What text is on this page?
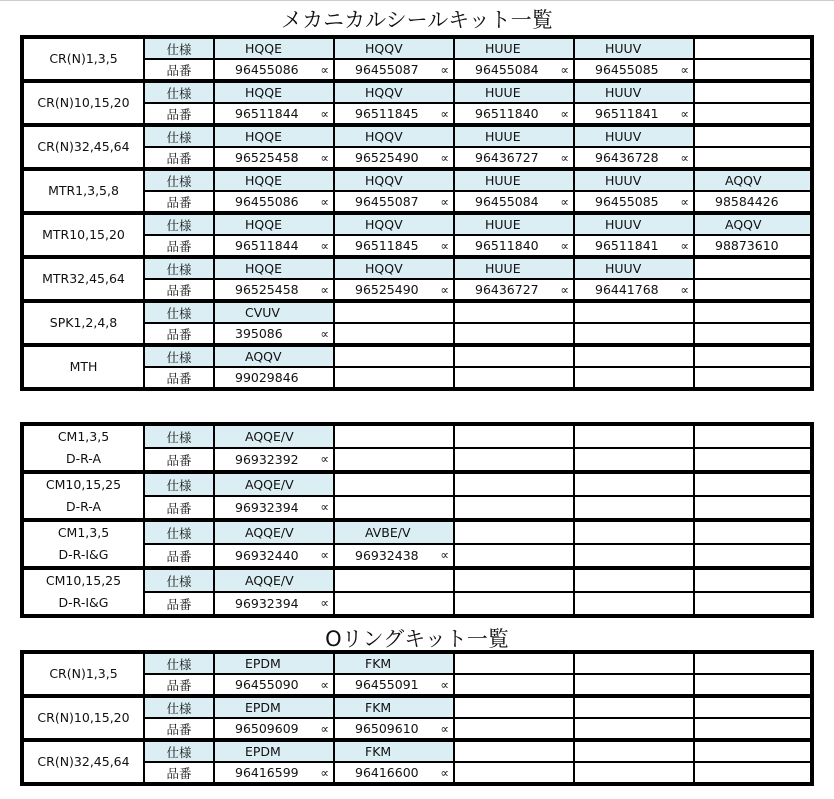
メカニカルシールキット一覧
CR(N)1,3,5	仕様	HQQE	HQQV	HUUE	HUUV	
	品番	96455086 ∝	96455087 ∝	96455084 ∝	96455085 ∝	

CR(N)10,15,20	仕様	HQQE	HQQV	HUUE	HUUV	
	品番	96511844 ∝	96511845 ∝	96511840 ∝	96511841 ∝	

CR(N)32,45,64	仕様	HQQE	HQQV	HUUE	HUUV	
	品番	96525458 ∝	96525490 ∝	96436727 ∝	96436728 ∝	

MTR1,3,5,8	仕様	HQQE	HQQV	HUUE	HUUV	AQQV
	品番	96455086 ∝	96455087 ∝	96455084 ∝	96455085 ∝	98584426

MTR10,15,20	仕様	HQQE	HQQV	HUUE	HUUV	AQQV
	品番	96511844 ∝	96511845 ∝	96511840 ∝	96511841 ∝	98873610

MTR32,45,64	仕様	HQQE	HQQV	HUUE	HUUV	
	品番	96525458 ∝	96525490 ∝	96436727 ∝	96441768 ∝	

SPK1,2,4,8	仕様	CVUV				
	品番	395086 ∝				

MTH	仕様	AQQV				
	品番	99029846				
CM1,3,5
D-R-A	仕様	AQQE/V				
	品番	96932392 ∝				

CM10,15,25
D-R-A	仕様	AQQE/V				
	品番	96932394 ∝				

CM1,3,5
D-R-I&G	仕様	AQQE/V	AVBE/V			
	品番	96932440 ∝	96932438 ∝			

CM10,15,25
D-R-I&G	仕様	AQQE/V				
	品番	96932394 ∝				

Oリングキット一覧
CR(N)1,3,5	仕様	EPDM	FKM			
	品番	96455090 ∝	96455091 ∝			

CR(N)10,15,20	仕様	EPDM	FKM			
	品番	96509609 ∝	96509610 ∝			

CR(N)32,45,64	仕様	EPDM	FKM			
	品番	96416599 ∝	96416600 ∝			
